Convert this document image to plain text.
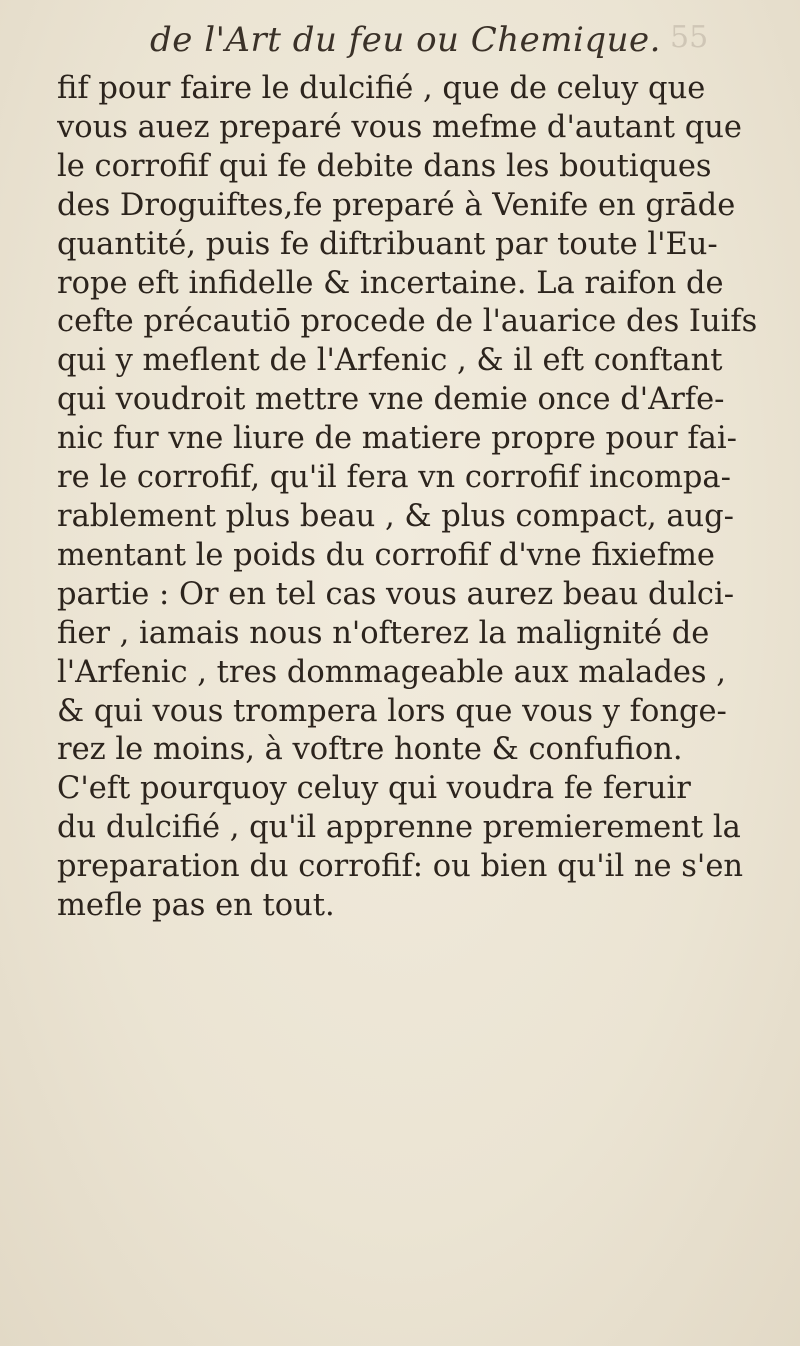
de l'Art du feu ou Chemique. 55
fif pour faire le dulcifié , que de celuy que
vous auez preparé vous mefme d'autant que
le corrofif qui fe debite dans les boutiques
des Droguiftes,fe preparé à Venife en grāde
quantité, puis fe diftribuant par toute l'Eu-
rope eft infidelle & incertaine. La raifon de
cefte précautiō procede de l'auarice des Iuifs
qui y meflent de l'Arfenic , & il eft conftant
qui voudroit mettre vne demie once d'Arfe-
nic fur vne liure de matiere propre pour fai-
re le corrofif, qu'il fera vn corrofif incompa-
rablement plus beau , & plus compact, aug-
mentant le poids du corrofif d'vne fixiefme
partie : Or en tel cas vous aurez beau dulci-
fier , iamais nous n'ofterez la malignité de
l'Arfenic , tres dommageable aux malades ,
& qui vous trompera lors que vous y fonge-
rez le moins, à voftre honte & confufion.
C'eft pourquoy celuy qui voudra fe feruir
du dulcifié , qu'il apprenne premierement la
preparation du corrofif: ou bien qu'il ne s'en
mefle pas en tout.
